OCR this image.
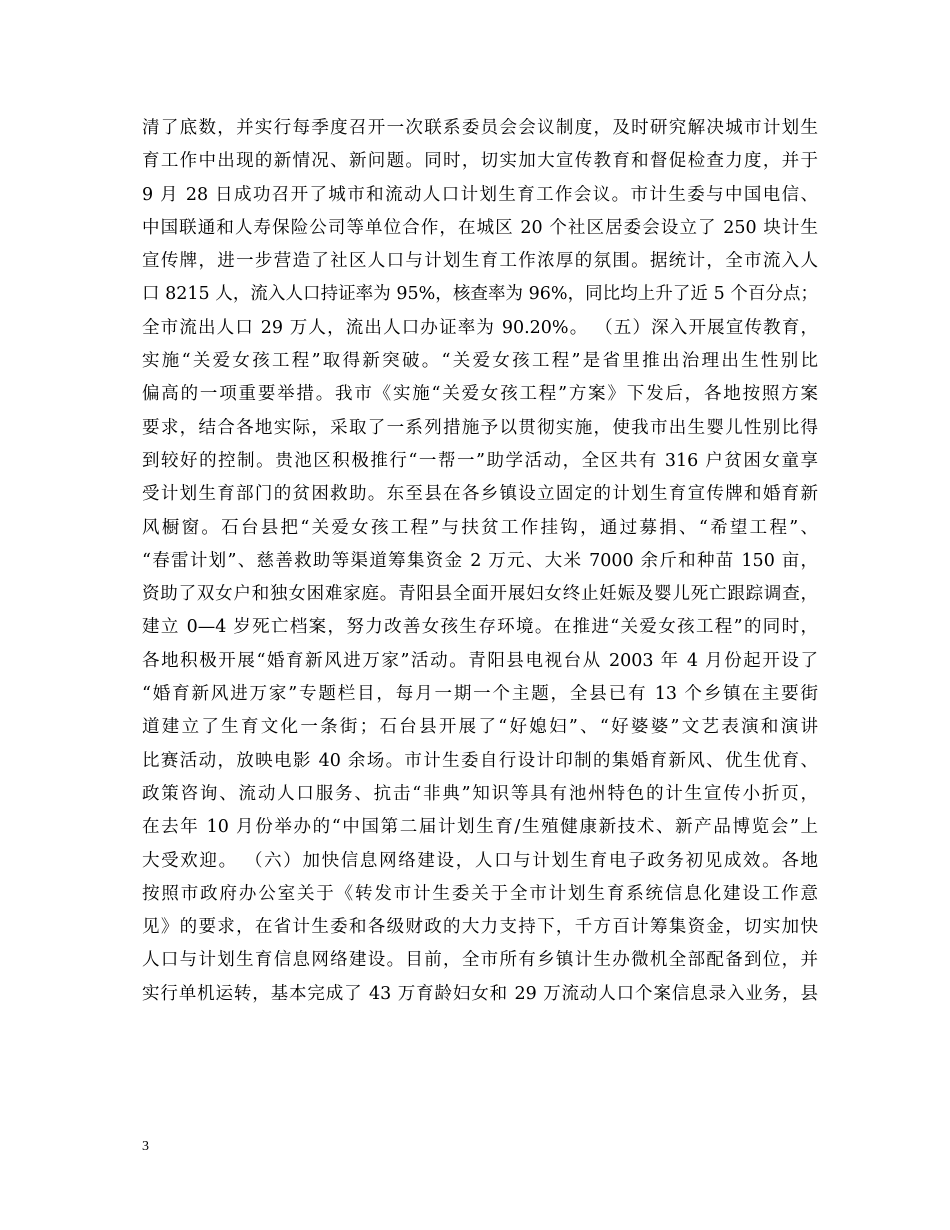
清了底数，并实行每季度召开一次联系委员会会议制度，及时研究解决城市计划生
育工作中出现的新情况、新问题。同时，切实加大宣传教育和督促检查力度，并于
9 月 28 日成功召开了城市和流动人口计划生育工作会议。市计生委与中国电信、
中国联通和人寿保险公司等单位合作，在城区 20 个社区居委会设立了 250 块计生
宣传牌，进一步营造了社区人口与计划生育工作浓厚的氛围。据统计，全市流入人
口 8215 人，流入人口持证率为 95%，核查率为 96%，同比均上升了近 5 个百分点；
全市流出人口 29 万人，流出人口办证率为 90.20%。 （五）深入开展宣传教育，
实施“关爱女孩工程”取得新突破。“关爱女孩工程”是省里推出治理出生性别比
偏高的一项重要举措。我市《实施“关爱女孩工程”方案》下发后，各地按照方案
要求，结合各地实际，采取了一系列措施予以贯彻实施，使我市出生婴儿性别比得
到较好的控制。贵池区积极推行“一帮一”助学活动，全区共有 316 户贫困女童享
受计划生育部门的贫困救助。东至县在各乡镇设立固定的计划生育宣传牌和婚育新
风橱窗。石台县把“关爱女孩工程”与扶贫工作挂钩，通过募捐、“希望工程”、
“春雷计划”、慈善救助等渠道筹集资金 2 万元、大米 7000 余斤和种苗 150 亩，
资助了双女户和独女困难家庭。青阳县全面开展妇女终止妊娠及婴儿死亡跟踪调查，
建立 0—4 岁死亡档案，努力改善女孩生存环境。在推进“关爱女孩工程”的同时，
各地积极开展“婚育新风进万家”活动。青阳县电视台从 2003 年 4 月份起开设了
“婚育新风进万家”专题栏目，每月一期一个主题，全县已有 13 个乡镇在主要街
道建立了生育文化一条街；石台县开展了“好媳妇”、“好婆婆”文艺表演和演讲
比赛活动，放映电影 40 余场。市计生委自行设计印制的集婚育新风、优生优育、
政策咨询、流动人口服务、抗击“非典”知识等具有池州特色的计生宣传小折页，
在去年 10 月份举办的“中国第二届计划生育/生殖健康新技术、新产品博览会”上
大受欢迎。 （六）加快信息网络建设，人口与计划生育电子政务初见成效。各地
按照市政府办公室关于《转发市计生委关于全市计划生育系统信息化建设工作意
见》的要求，在省计生委和各级财政的大力支持下，千方百计筹集资金，切实加快
人口与计划生育信息网络建设。目前，全市所有乡镇计生办微机全部配备到位，并
实行单机运转，基本完成了 43 万育龄妇女和 29 万流动人口个案信息录入业务，县
3
